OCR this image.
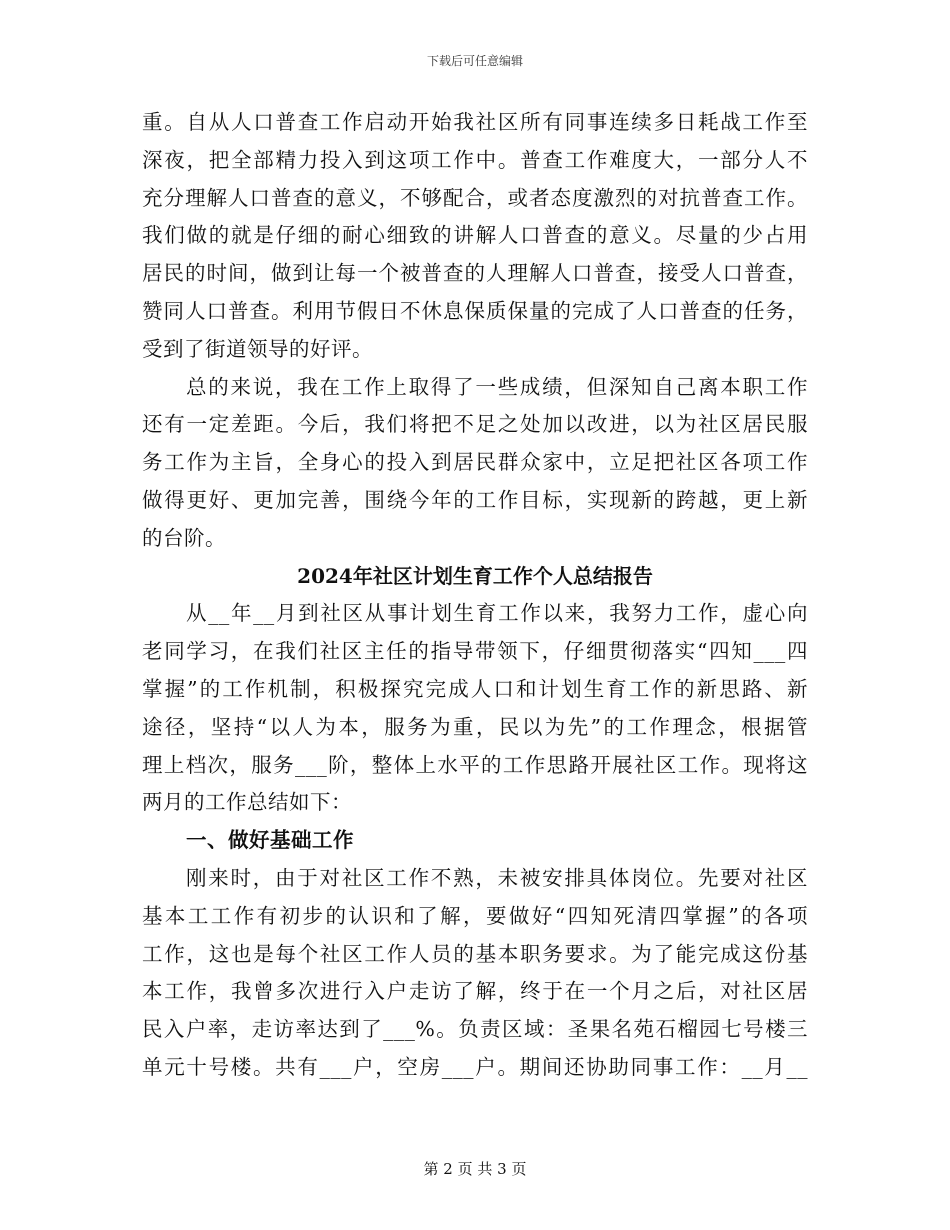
下载后可任意编辑
重。自从人口普查工作启动开始我社区所有同事连续多日耗战工作至
深夜，把全部精力投入到这项工作中。普查工作难度大，一部分人不
充分理解人口普查的意义，不够配合，或者态度激烈的对抗普查工作。
我们做的就是仔细的耐心细致的讲解人口普查的意义。尽量的少占用
居民的时间，做到让每一个被普查的人理解人口普查，接受人口普查，
赞同人口普查。利用节假日不休息保质保量的完成了人口普查的任务，
受到了街道领导的好评。
总的来说，我在工作上取得了一些成绩，但深知自己离本职工作
还有一定差距。今后，我们将把不足之处加以改进，以为社区居民服
务工作为主旨，全身心的投入到居民群众家中，立足把社区各项工作
做得更好、更加完善，围绕今年的工作目标，实现新的跨越，更上新
的台阶。
2024年社区计划生育工作个人总结报告
从__年__月到社区从事计划生育工作以来，我努力工作，虚心向
老同学习，在我们社区主任的指导带领下，仔细贯彻落实“四知___四
掌握”的工作机制，积极探究完成人口和计划生育工作的新思路、新
途径，坚持“以人为本，服务为重，民以为先”的工作理念，根据管
理上档次，服务___阶，整体上水平的工作思路开展社区工作。现将这
两月的工作总结如下：
一、做好基础工作
刚来时，由于对社区工作不熟，未被安排具体岗位。先要对社区
基本工工作有初步的认识和了解，要做好“四知死清四掌握”的各项
工作，这也是每个社区工作人员的基本职务要求。为了能完成这份基
本工作，我曾多次进行入户走访了解，终于在一个月之后，对社区居
民入户率，走访率达到了___%。负责区域：圣果名苑石榴园七号楼三
单元十号楼。共有___户，空房___户。期间还协助同事工作：__月__
第 2 页 共 3 页
